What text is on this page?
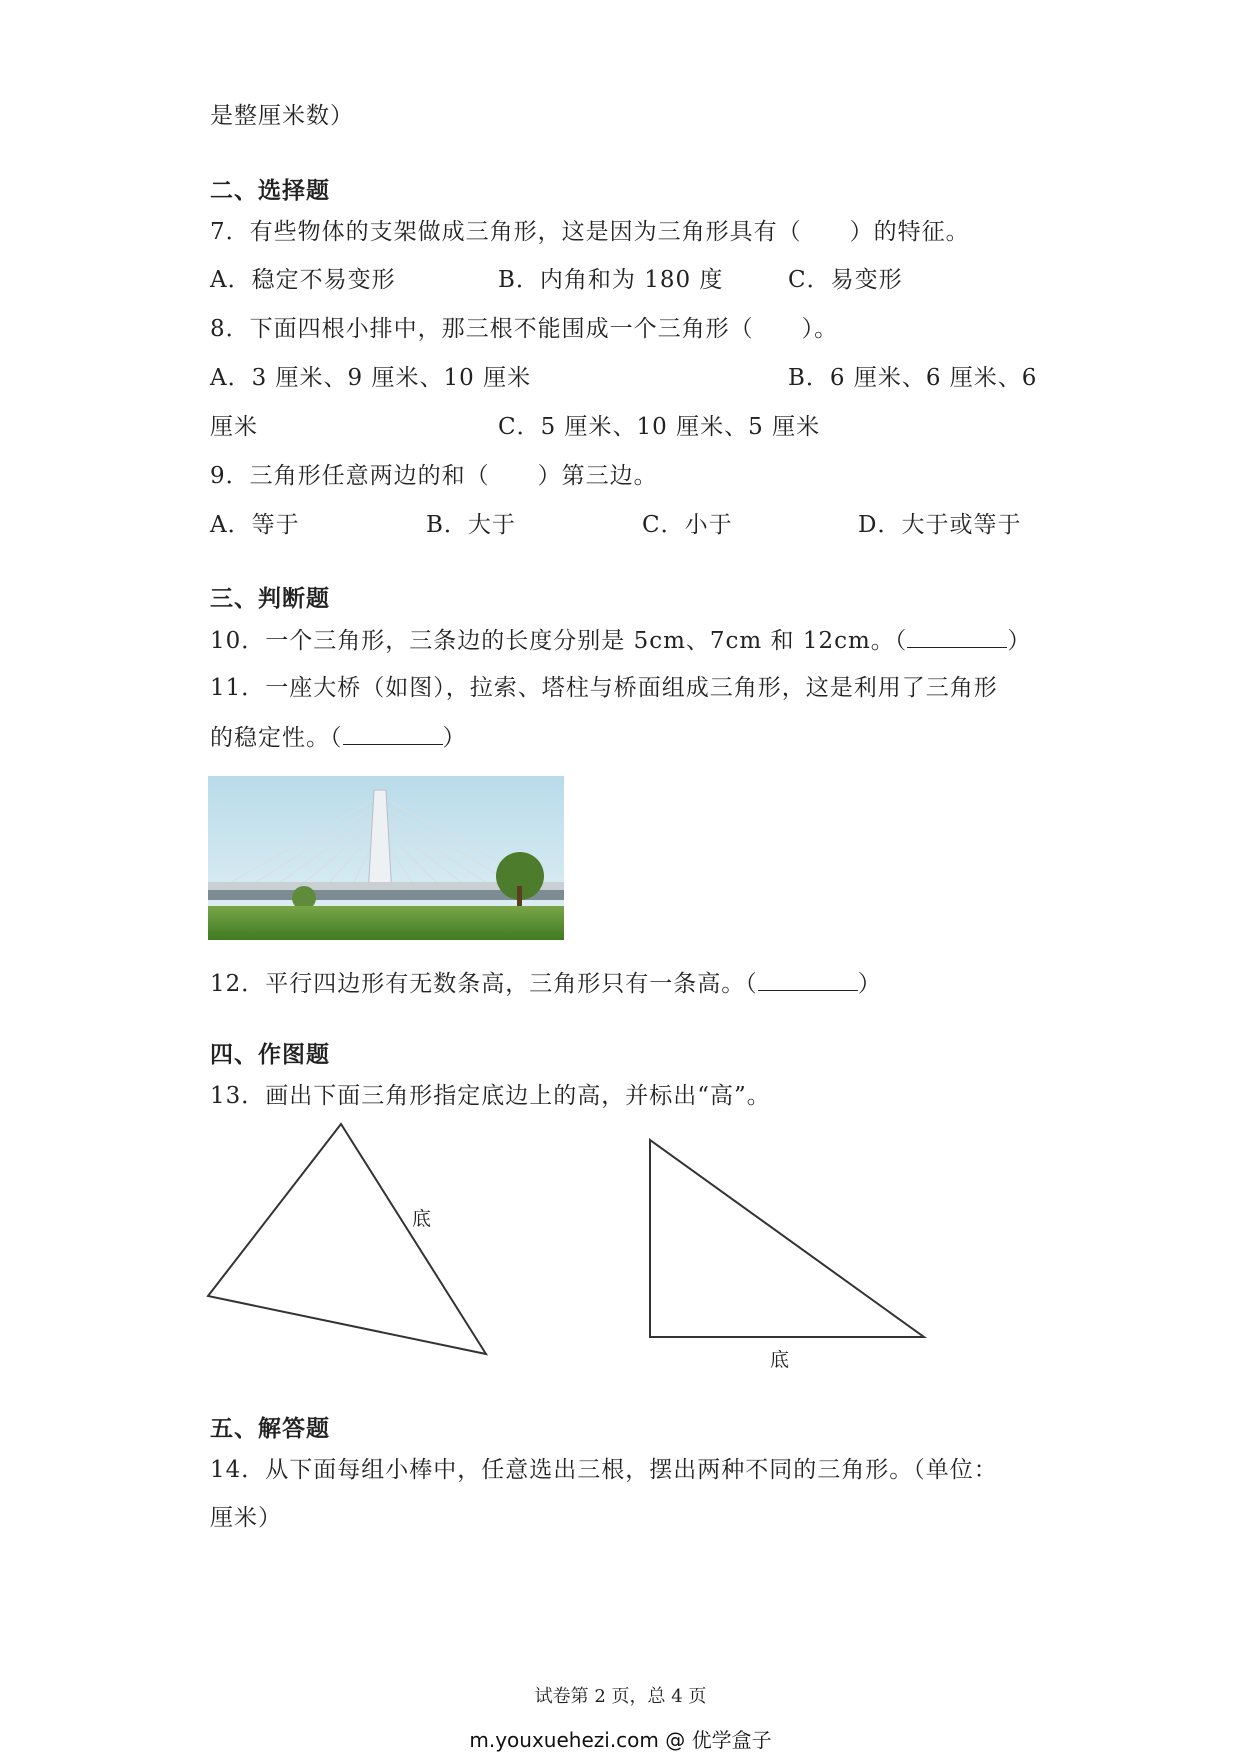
是整厘米数）
二、选择题
7．有些物体的支架做成三角形，这是因为三角形具有（　　）的特征。
A．稳定不易变形	B．内角和为 180 度	C．易变形
8．下面四根小排中，那三根不能围成一个三角形（　　）。
A．3 厘米、9 厘米、10 厘米	B．6 厘米、6 厘米、6
厘米	C．5 厘米、10 厘米、5 厘米
9．三角形任意两边的和（　　）第三边。
A．等于	B．大于	C．小于	D．大于或等于
三、判断题
10．一个三角形，三条边的长度分别是 5cm、7cm 和 12cm。（	）
11．一座大桥（如图），拉索、塔柱与桥面组成三角形，这是利用了三角形
的稳定性。（	）
12．平行四边形有无数条高，三角形只有一条高。（	）
四、作图题
13．画出下面三角形指定底边上的高，并标出“高”。
底
底
五、解答题
14．从下面每组小棒中，任意选出三根，摆出两种不同的三角形。（单位：
厘米）
试卷第 2 页，总 4 页
m.youxuehezi.com @ 优学盒子
